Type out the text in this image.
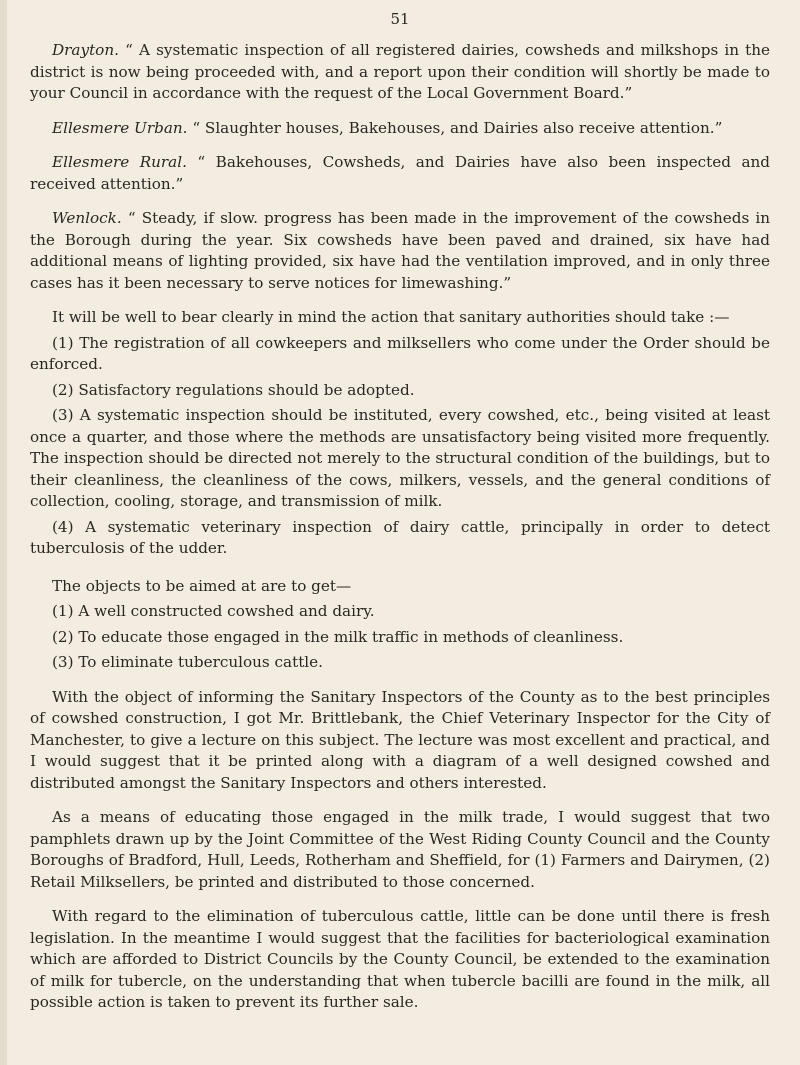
51

Drayton. “ A systematic inspection of all registered dairies, cowsheds and milkshops in the district is now being proceeded with, and a report upon their condition will shortly be made to your Council in accordance with the request of the Local Government Board.”

Ellesmere Urban. “ Slaughter houses, Bakehouses, and Dairies also receive attention.”

Ellesmere Rural. “ Bakehouses, Cowsheds, and Dairies have also been inspected and received attention.”

Wenlock. “ Steady, if slow. progress has been made in the improvement of the cowsheds in the Borough during the year. Six cowsheds have been paved and drained, six have had additional means of lighting provided, six have had the ventilation improved, and in only three cases has it been necessary to serve notices for limewashing.”

It will be well to bear clearly in mind the action that sanitary authorities should take :—

(1) The registration of all cowkeepers and milksellers who come under the Order should be enforced.

(2) Satisfactory regulations should be adopted.

(3) A systematic inspection should be instituted, every cowshed, etc., being visited at least once a quarter, and those where the methods are unsatisfactory being visited more frequently. The inspection should be directed not merely to the structural condition of the buildings, but to their cleanliness, the cleanliness of the cows, milkers, vessels, and the general conditions of collection, cooling, storage, and transmission of milk.

(4) A systematic veterinary inspection of dairy cattle, principally in order to detect tuberculosis of the udder.

The objects to be aimed at are to get—

(1) A well constructed cowshed and dairy.

(2) To educate those engaged in the milk traffic in methods of cleanliness.

(3) To eliminate tuberculous cattle.

With the object of informing the Sanitary Inspectors of the County as to the best principles of cowshed construction, I got Mr. Brittlebank, the Chief Veterinary Inspector for the City of Manchester, to give a lecture on this subject. The lecture was most excellent and practical, and I would suggest that it be printed along with a diagram of a well designed cowshed and distributed amongst the Sanitary Inspectors and others interested.

As a means of educating those engaged in the milk trade, I would suggest that two pamphlets drawn up by the Joint Committee of the West Riding County Council and the County Boroughs of Bradford, Hull, Leeds, Rotherham and Sheffield, for (1) Farmers and Dairymen, (2) Retail Milksellers, be printed and distributed to those concerned.

With regard to the elimination of tuberculous cattle, little can be done until there is fresh legislation. In the meantime I would suggest that the facilities for bacteriological examination which are afforded to District Councils by the County Council, be extended to the examination of milk for tubercle, on the understanding that when tubercle bacilli are found in the milk, all possible action is taken to prevent its further sale.
